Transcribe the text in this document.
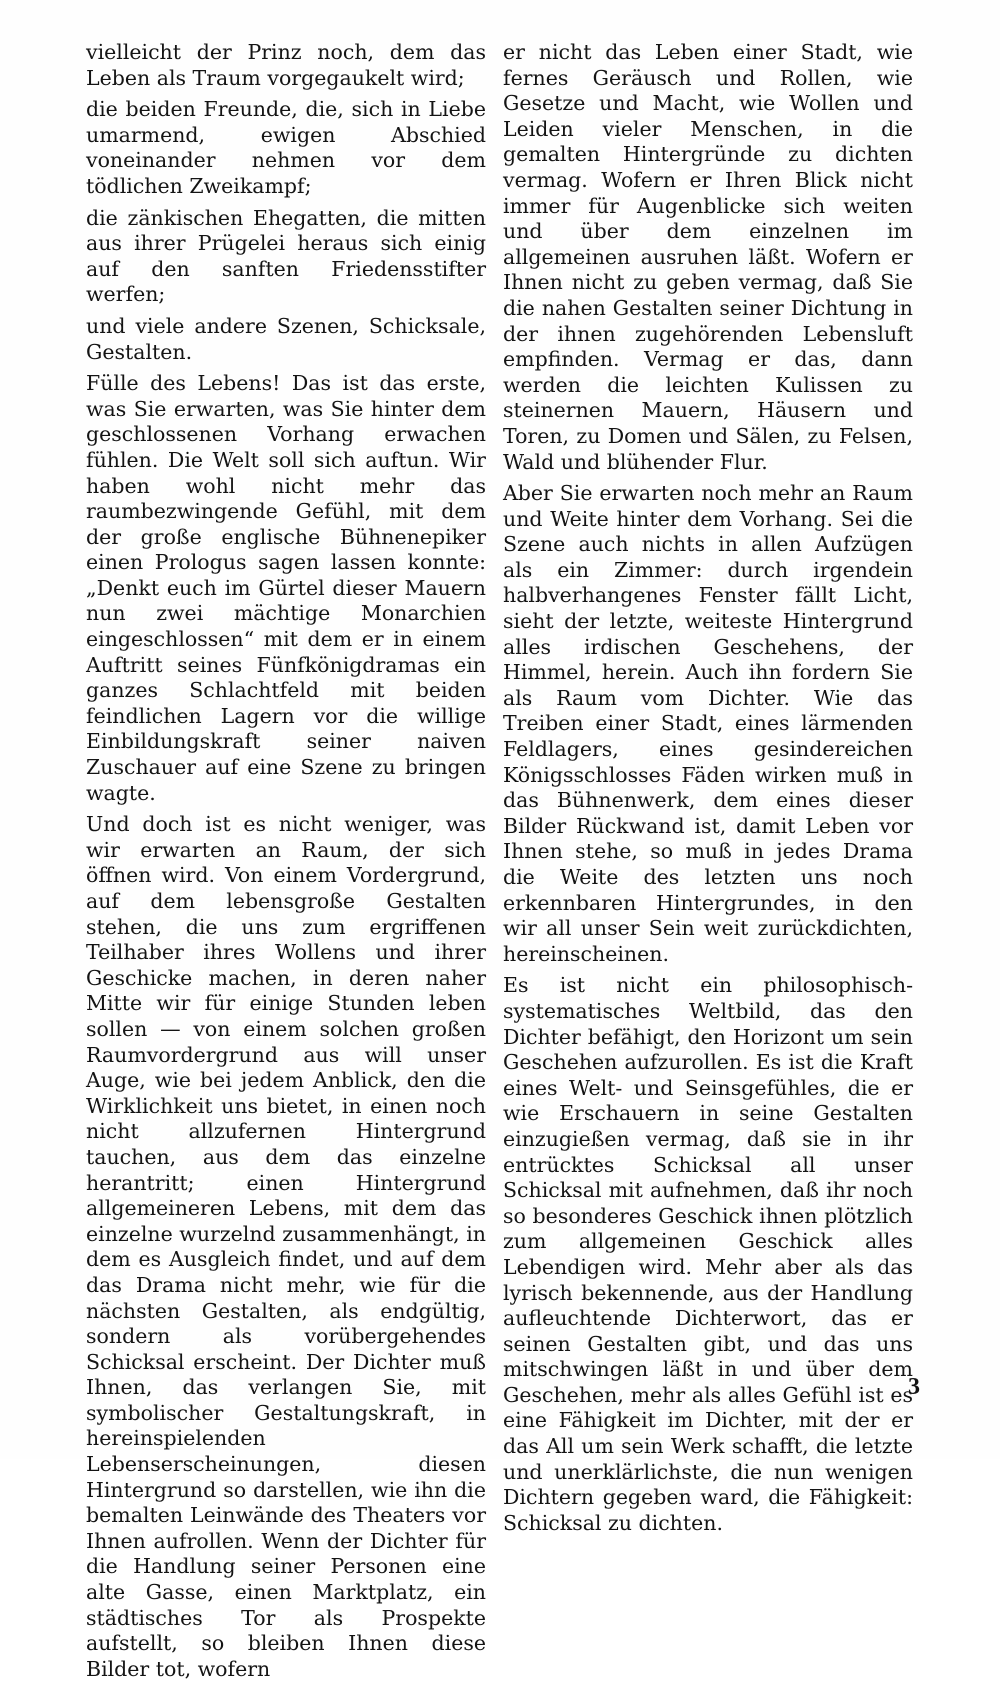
vielleicht der Prinz noch, dem das Leben als Traum vorgegaukelt wird;

die beiden Freunde, die, sich in Liebe umarmend, ewigen Abschied voneinander nehmen vor dem tödlichen Zweikampf;

die zänkischen Ehegatten, die mitten aus ihrer Prügelei heraus sich einig auf den sanften Friedensstifter werfen;

und viele andere Szenen, Schicksale, Gestalten.

Fülle des Lebens! Das ist das erste, was Sie erwarten, was Sie hinter dem geschlossenen Vorhang erwachen fühlen. Die Welt soll sich auftun. Wir haben wohl nicht mehr das raumbezwingende Gefühl, mit dem der große englische Bühnenepiker einen Prologus sagen lassen konnte: „Denkt euch im Gürtel dieser Mauern nun zwei mächtige Monarchien eingeschlossen“ mit dem er in einem Auftritt seines Fünfkönigdramas ein ganzes Schlachtfeld mit beiden feindlichen Lagern vor die willige Einbildungskraft seiner naiven Zuschauer auf eine Szene zu bringen wagte.

Und doch ist es nicht weniger, was wir erwarten an Raum, der sich öffnen wird. Von einem Vordergrund, auf dem lebensgroße Gestalten stehen, die uns zum ergriffenen Teilhaber ihres Wollens und ihrer Geschicke machen, in deren naher Mitte wir für einige Stunden leben sollen — von einem solchen großen Raumvordergrund aus will unser Auge, wie bei jedem Anblick, den die Wirklichkeit uns bietet, in einen noch nicht allzufernen Hintergrund tauchen, aus dem das einzelne herantritt; einen Hintergrund allgemeineren Lebens, mit dem das einzelne wurzelnd zusammenhängt, in dem es Ausgleich findet, und auf dem das Drama nicht mehr, wie für die nächsten Gestalten, als endgültig, sondern als vorübergehendes Schicksal erscheint. Der Dichter muß Ihnen, das verlangen Sie, mit symbolischer Gestaltungskraft, in hereinspielenden Lebenserscheinungen, diesen Hintergrund so darstellen, wie ihn die bemalten Leinwände des Theaters vor Ihnen aufrollen. Wenn der Dichter für die Handlung seiner Personen eine alte Gasse, einen Marktplatz, ein städtisches Tor als Prospekte aufstellt, so bleiben Ihnen diese Bilder tot, wofern

er nicht das Leben einer Stadt, wie fernes Geräusch und Rollen, wie Gesetze und Macht, wie Wollen und Leiden vieler Menschen, in die gemalten Hintergründe zu dichten vermag. Wofern er Ihren Blick nicht immer für Augenblicke sich weiten und über dem einzelnen im allgemeinen ausruhen läßt. Wofern er Ihnen nicht zu geben vermag, daß Sie die nahen Gestalten seiner Dichtung in der ihnen zugehörenden Lebensluft empfinden. Vermag er das, dann werden die leichten Kulissen zu steinernen Mauern, Häusern und Toren, zu Domen und Sälen, zu Felsen, Wald und blühender Flur.

Aber Sie erwarten noch mehr an Raum und Weite hinter dem Vorhang. Sei die Szene auch nichts in allen Aufzügen als ein Zimmer: durch irgendein halbverhangenes Fenster fällt Licht, sieht der letzte, weiteste Hintergrund alles irdischen Geschehens, der Himmel, herein. Auch ihn fordern Sie als Raum vom Dichter. Wie das Treiben einer Stadt, eines lärmenden Feldlagers, eines gesindereichen Königsschlosses Fäden wirken muß in das Bühnenwerk, dem eines dieser Bilder Rückwand ist, damit Leben vor Ihnen stehe, so muß in jedes Drama die Weite des letzten uns noch erkennbaren Hintergrundes, in den wir all unser Sein weit zurückdichten, hereinscheinen.

Es ist nicht ein philosophisch-systematisches Weltbild, das den Dichter befähigt, den Horizont um sein Geschehen aufzurollen. Es ist die Kraft eines Welt- und Seinsgefühles, die er wie Erschauern in seine Gestalten einzugießen vermag, daß sie in ihr entrücktes Schicksal all unser Schicksal mit aufnehmen, daß ihr noch so besonderes Geschick ihnen plötzlich zum allgemeinen Geschick alles Lebendigen wird. Mehr aber als das lyrisch bekennende, aus der Handlung aufleuchtende Dichterwort, das er seinen Gestalten gibt, und das uns mitschwingen läßt in und über dem Geschehen, mehr als alles Gefühl ist es eine Fähigkeit im Dichter, mit der er das All um sein Werk schafft, die letzte und unerklärlichste, die nun wenigen Dichtern gegeben ward, die Fähigkeit: Schicksal zu dichten.

3
